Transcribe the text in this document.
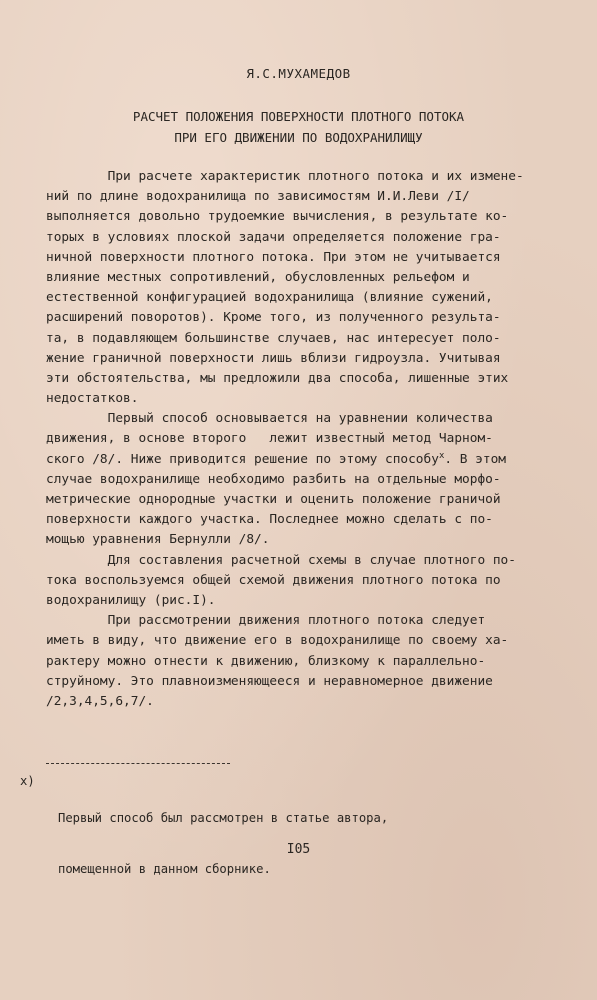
Я.С.МУХАМЕДОВ
РАСЧЕТ ПОЛОЖЕНИЯ ПОВЕРХНОСТИ ПЛОТНОГО ПОТОКА
ПРИ ЕГО ДВИЖЕНИИ ПО ВОДОХРАНИЛИЩУ
При расчете характеристик плотного потока и их измене-
ний по длине водохранилища по зависимостям И.И.Леви /I/
выполняется довольно трудоемкие вычисления, в результате ко-
торых в условиях плоской задачи определяется положение гра-
ничной поверхности плотного потока. При этом не учитывается
влияние местных сопротивлений, обусловленных рельефом и
естественной конфигурацией водохранилища (влияние сужений,
расширений поворотов). Кроме того, из полученного результа-
та, в подавляющем большинстве случаев, нас интересует поло-
жение граничной поверхности лишь вблизи гидроузла. Учитывая
эти обстоятельства, мы предложили два способа, лишенные этих
недостатков.
Первый способ основывается на уравнении количества
движения, в основе второго   лежит известный метод Чарном-
ского /8/. Ниже приводится решение по этому способу$^x$. В этом
случае водохранилище необходимо разбить на отдельные морфо-
метрические однородные участки и оценить положение граничой
поверхности каждого участка. Последнее можно сделать с по-
мощью уравнения Бернулли /8/.
Для составления расчетной схемы в случае плотного по-
тока воспользуемся общей схемой движения плотного потока по
водохранилищу (рис.I).
При рассмотрении движения плотного потока следует
иметь в виду, что движение его в водохранилище по своему ха-
рактеру можно отнести к движению, близкому к параллельно-
струйному. Это плавноизменяющееся и неравномерное движение
/2,3,4,5,6,7/.
x)

Первый способ был рассмотрен в статье автора,

помещенной в данном сборнике.

I05
